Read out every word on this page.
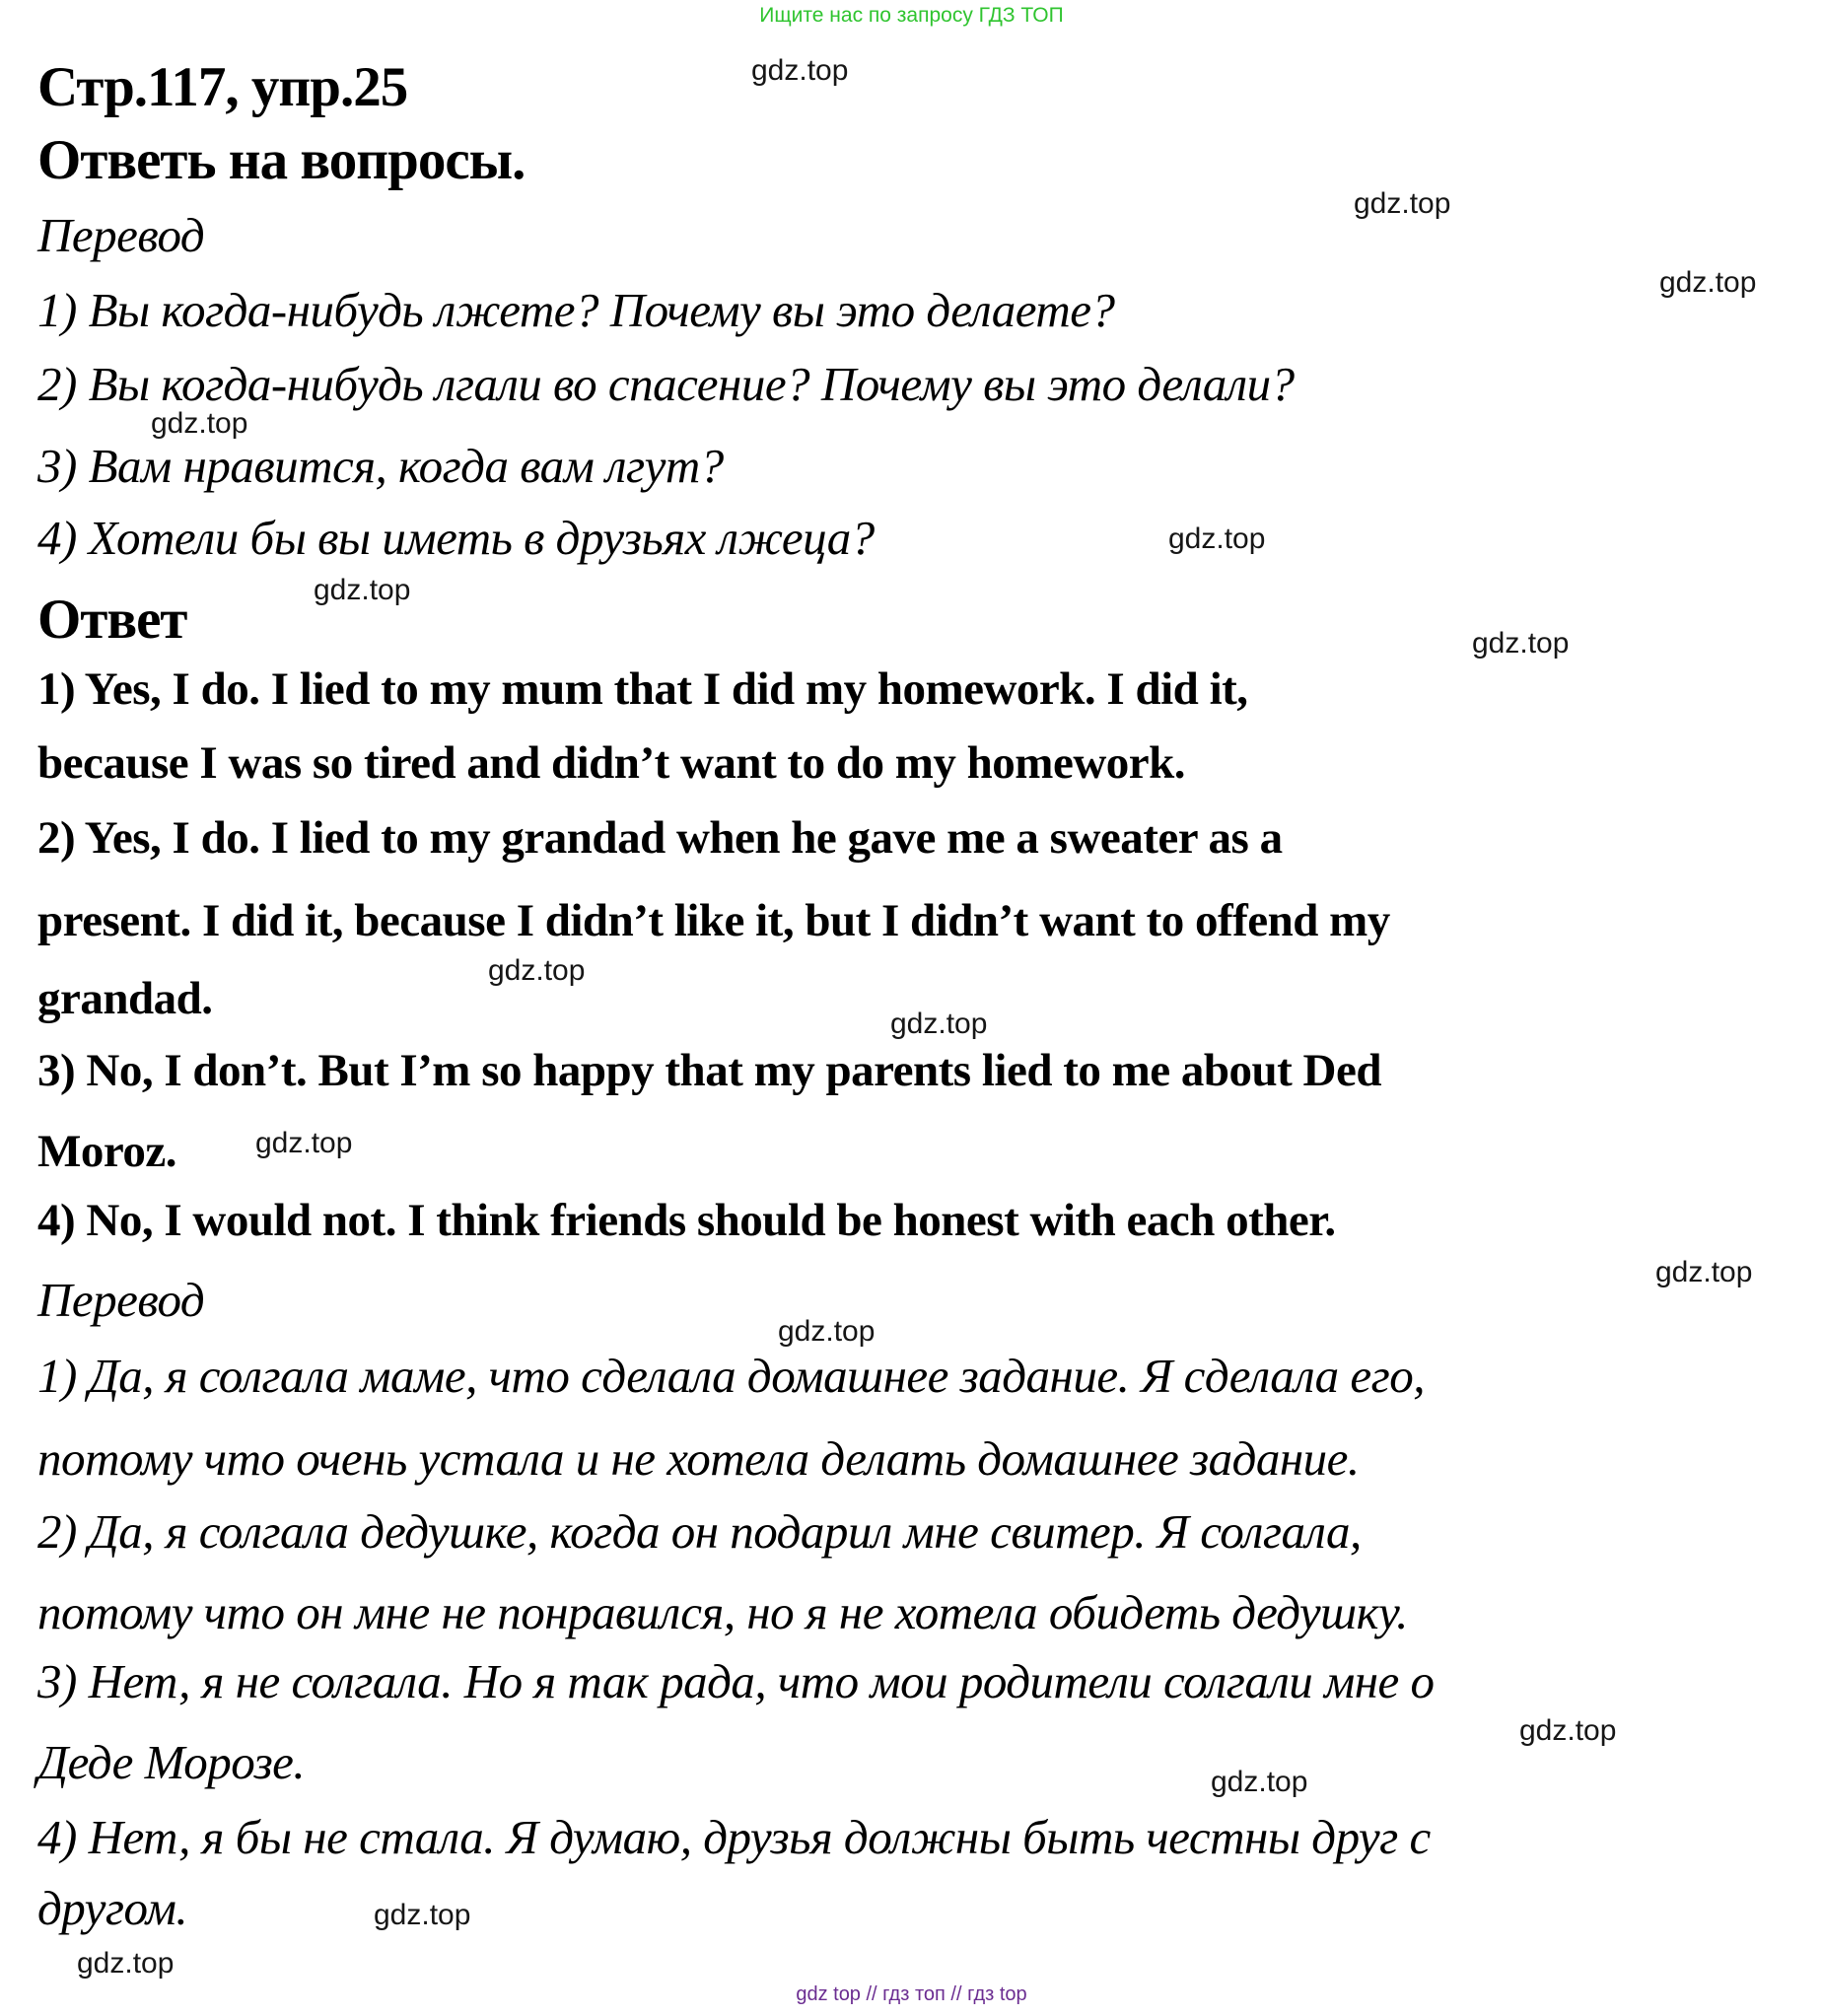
Ищите нас по запросу ГДЗ ТОП
Стр.117, упр.25
Ответь на вопросы.
Перевод
1) Вы когда-нибудь лжете? Почему вы это делаете?
2) Вы когда-нибудь лгали во спасение? Почему вы это делали?
3) Вам нравится, когда вам лгут?
4) Хотели бы вы иметь в друзьях лжеца?
Ответ
1) Yes, I do. I lied to my mum that I did my homework. I did it,
because I was so tired and didn’t want to do my homework.
2) Yes, I do. I lied to my grandad when he gave me a sweater as a
present. I did it, because I didn’t like it, but I didn’t want to offend my
grandad.
3) No, I don’t. But I’m so happy that my parents lied to me about Ded
Moroz.
4) No, I would not. I think friends should be honest with each other.
Перевод
1) Да, я солгала маме, что сделала домашнее задание. Я сделала его,
потому что очень устала и не хотела делать домашнее задание.
2) Да, я солгала дедушке, когда он подарил мне свитер. Я солгала,
потому что он мне не понравился, но я не хотела обидеть дедушку.
3) Нет, я не солгала. Но я так рада, что мои родители солгали мне о
Деде Морозе.
4) Нет, я бы не стала. Я думаю, друзья должны быть честны друг с
другом.
gdz.top
gdz.top
gdz.top
gdz.top
gdz.top
gdz.top
gdz.top
gdz.top
gdz.top
gdz.top
gdz.top
gdz.top
gdz.top
gdz.top
gdz.top
gdz.top
gdz top // гдз топ // гдз top
